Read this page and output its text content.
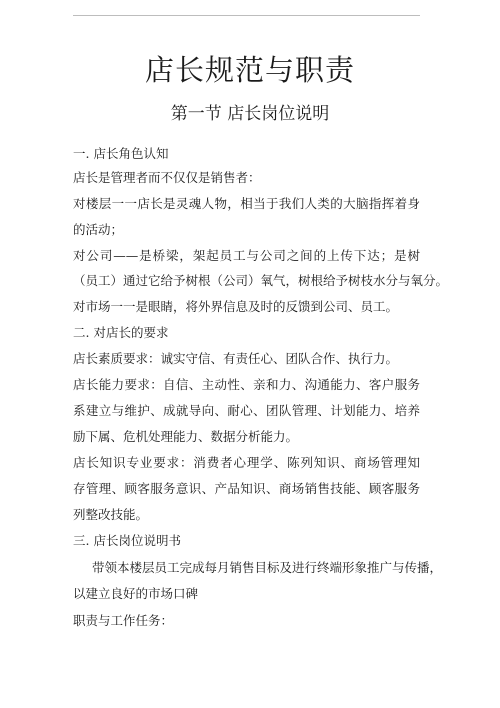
店长规范与职责
第一节 店长岗位说明
一. 店长角色认知
店长是管理者而不仅仅是销售者：
对楼层一一店长是灵魂人物，相当于我们人类的大脑指挥着身
的活动；
对公司——是桥梁，架起员工与公司之间的上传下达；是树
（员工）通过它给予树根（公司）氧气，树根给予树枝水分与氧分。
对市场一一是眼睛，将外界信息及时的反馈到公司、员工。
二. 对店长的要求
店长素质要求：诚实守信、有责任心、团队合作、执行力。
店长能力要求：自信、主动性、亲和力、沟通能力、客户服务
系建立与维护、成就导向、耐心、团队管理、计划能力、培养
励下属、危机处理能力、数据分析能力。
店长知识专业要求：消费者心理学、陈列知识、商场管理知
存管理、顾客服务意识、产品知识、商场销售技能、顾客服务
列整改技能。
三. 店长岗位说明书
带领本楼层员工完成每月销售目标及进行终端形象推广与传播，
以建立良好的市场口碑
职责与工作任务：
